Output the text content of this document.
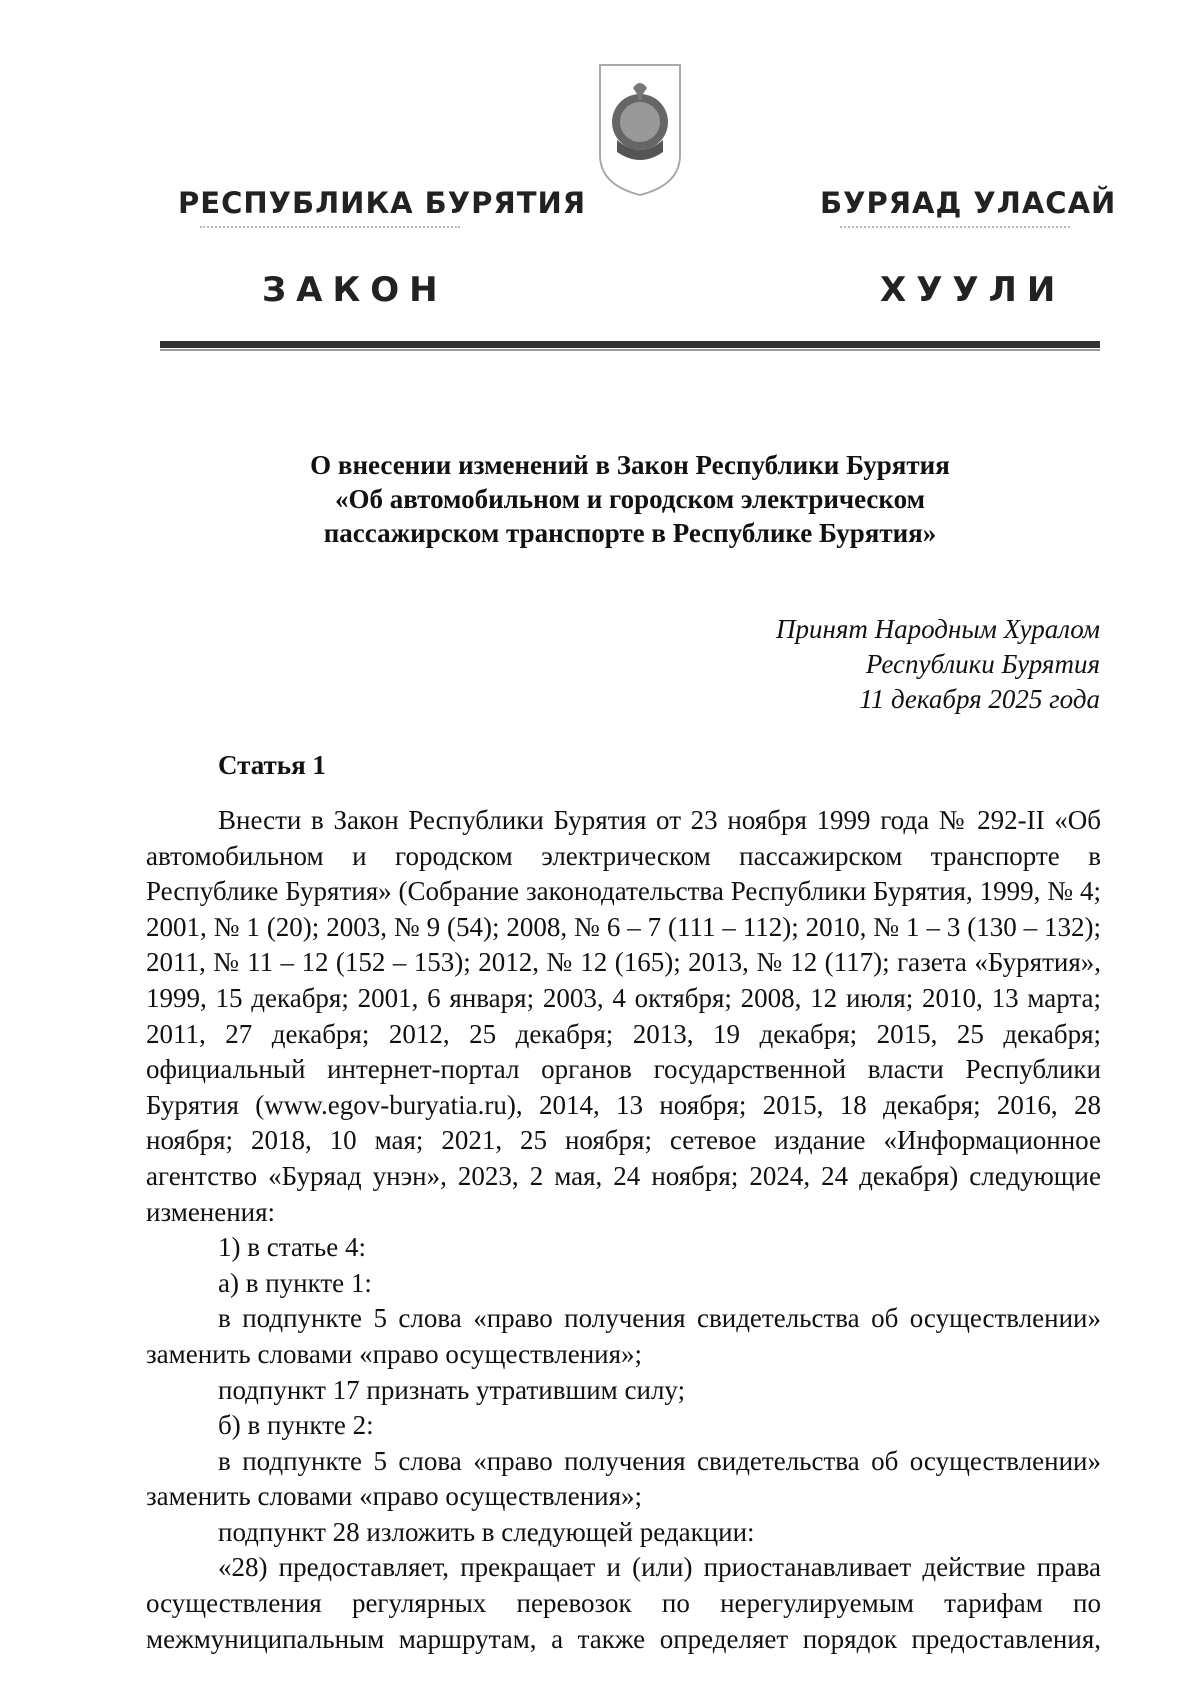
РЕСПУБЛИКА БУРЯТИЯ	БУРЯАД УЛАСАЙ
ЗАКОН	ХУУЛИ
О внесении изменений в Закон Республики Бурятия
«Об автомобильном и городском электрическом
пассажирском транспорте в Республике Бурятия»
Принят Народным Хуралом
Республики Бурятия
11 декабря 2025 года
Статья 1

Внести в Закон Республики Бурятия от 23 ноября 1999 года № 292-II «Об автомобильном и городском электрическом пассажирском транспорте в Республике Бурятия» (Собрание законодательства Республики Бурятия, 1999, № 4; 2001, № 1 (20); 2003, № 9 (54); 2008, № 6 – 7 (111 – 112); 2010, № 1 – 3 (130 – 132); 2011, № 11 – 12 (152 – 153); 2012, № 12 (165); 2013, № 12 (117); газета «Бурятия», 1999, 15 декабря; 2001, 6 января; 2003, 4 октября; 2008, 12 июля; 2010, 13 марта; 2011, 27 декабря; 2012, 25 декабря; 2013, 19 декабря; 2015, 25 декабря; официальный интернет-портал органов государственной власти Республики Бурятия (www.egov-buryatia.ru), 2014, 13 ноября; 2015, 18 декабря; 2016, 28 ноября; 2018, 10 мая; 2021, 25 ноября; сетевое издание «Информационное агентство «Буряад унэн», 2023, 2 мая, 24 ноября; 2024, 24 декабря) следующие изменения:

1) в статье 4:

а) в пункте 1:

в подпункте 5 слова «право получения свидетельства об осуществлении» заменить словами «право осуществления»;

подпункт 17 признать утратившим силу;

б) в пункте 2:

в подпункте 5 слова «право получения свидетельства об осуществлении» заменить словами «право осуществления»;

подпункт 28 изложить в следующей редакции:

«28) предоставляет, прекращает и (или) приостанавливает действие права осуществления регулярных перевозок по нерегулируемым тарифам по межмуниципальным маршрутам, а также определяет порядок предоставления,
